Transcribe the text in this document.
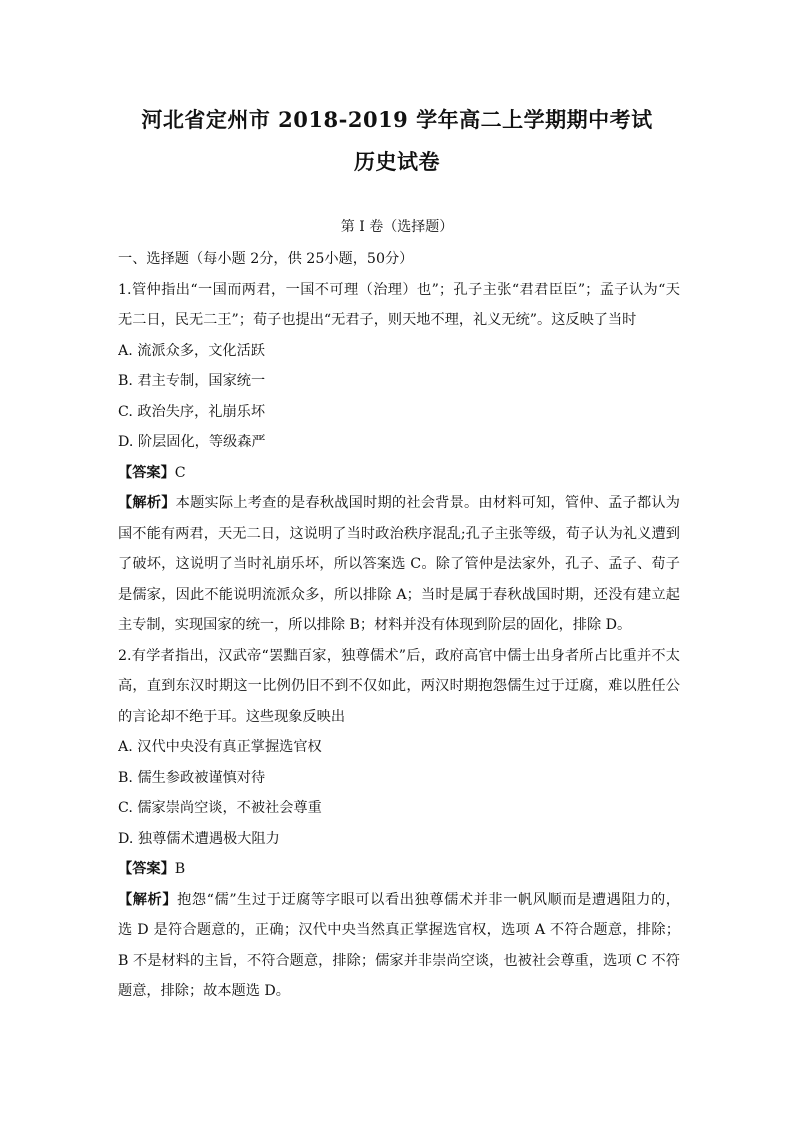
河北省定州市 2018-2019 学年高二上学期期中考试
历史试卷
第 I 卷（选择题）
一、选择题（每小题 2分，供 25小题，50分）
1.管仲指出“一国而两君，一国不可理（治理）也”；孔子主张“君君臣臣”；孟子认为“天
无二日，民无二王”；荀子也提出“无君子，则天地不理，礼义无统”。这反映了当时
A. 流派众多，文化活跃
B. 君主专制，国家统一
C. 政治失序，礼崩乐坏
D. 阶层固化，等级森严
【答案】C
【解析】本题实际上考查的是春秋战国时期的社会背景。由材料可知，管仲、孟子都认为
国不能有两君，天无二日，这说明了当时政治秩序混乱;孔子主张等级，荀子认为礼义遭到
了破坏，这说明了当时礼崩乐坏，所以答案选 C。除了管仲是法家外，孔子、孟子、荀子
是儒家，因此不能说明流派众多，所以排除 A；当时是属于春秋战国时期，还没有建立起
主专制，实现国家的统一，所以排除 B；材料并没有体现到阶层的固化，排除 D。
2.有学者指出，汉武帝“罢黜百家，独尊儒术”后，政府高官中儒士出身者所占比重并不太
高，直到东汉时期这一比例仍旧不到不仅如此，两汉时期抱怨儒生过于迂腐，难以胜任公
的言论却不绝于耳。这些现象反映出
A. 汉代中央没有真正掌握选官权
B. 儒生参政被谨慎对待
C. 儒家崇尚空谈，不被社会尊重
D. 独尊儒术遭遇极大阻力
【答案】B
【解析】抱怨“儒”生过于迂腐等字眼可以看出独尊儒术并非一帆风顺而是遭遇阻力的，
选 D 是符合题意的，正确；汉代中央当然真正掌握选官权，选项 A 不符合题意，排除；
B 不是材料的主旨，不符合题意，排除；儒家并非崇尚空谈，也被社会尊重，选项 C 不符
题意，排除；故本题选 D。
